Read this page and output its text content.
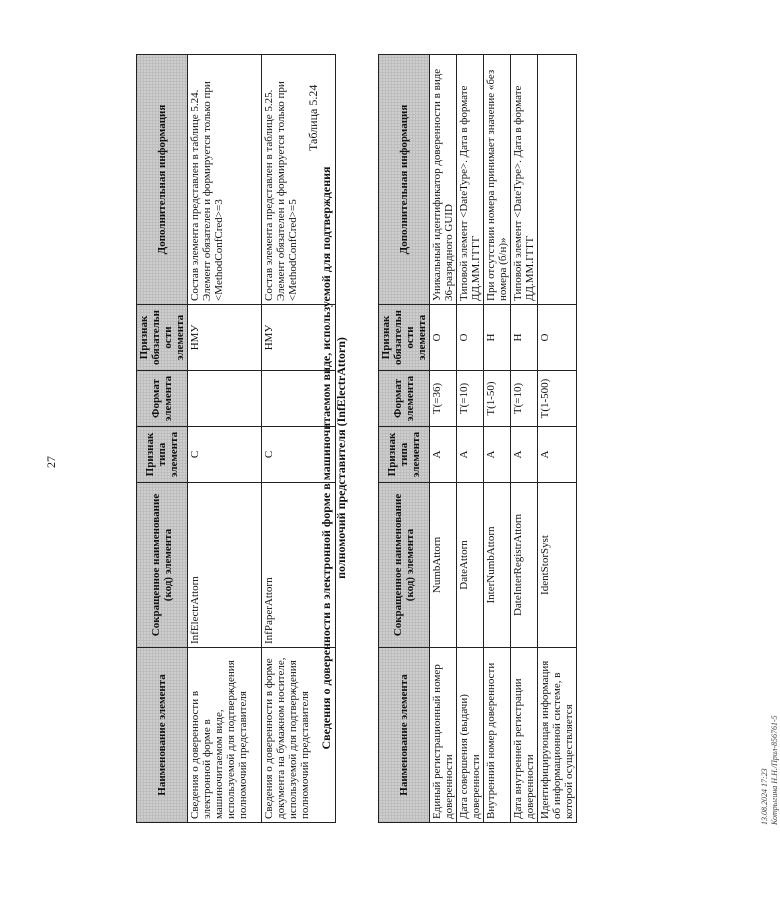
27
Наименование элемента	Сокращенное наименование (код) элемента	Признак типа элемента	Формат элемента	Признак обязательности элемента	Дополнительная информация
Сведения о доверенности в электронной форме в машиночитаемом виде, используемой для подтверждения полномочий представителя	InfElectrAttorn	С		НМУ	Состав элемента представлен в таблице 5.24. Элемент обязателен и формируется только при <MethodConfCred>=3
Сведения о доверенности в форме документа на бумажном носителе, используемой для подтверждения полномочий представителя	InfPaperAttorn	С		НМУ	Состав элемента представлен в таблице 5.25. Элемент обязателен и формируется только при <MethodConfCred>=5
Таблица 5.24
Сведения о доверенности в электронной форме в машиночитаемом виде, используемой для подтверждения полномочий представителя (InfElectrAttorn)
Наименование элемента	Сокращенное наименование (код) элемента	Признак типа элемента	Формат элемента	Признак обязательности элемента	Дополнительная информация
Единый регистрационный номер доверенности	NumbAttorn	А	Т(=36)	О	Уникальный идентификатор доверенности в виде 36-разрядного GUID
Дата совершения (выдачи) доверенности	DateAttorn	А	Т(=10)	О	Типовой элемент <DateType>. Дата в формате ДД.ММ.ГГГГ
Внутренний номер доверенности	InterNumbAttorn	А	Т(1-50)	Н	При отсутствии номера принимает значение «без номера (б/н)»
Дата внутренней регистрации доверенности	DateInterRegistrAttorn	А	Т(=10)	Н	Типовой элемент <DateType>. Дата в формате ДД.ММ.ГГГГ
Идентифицирующая информация об информационной системе, в которой осуществляется	IdentStorSyst	А	Т(1-500)	О	
13.08.2024 17:23 Котрыгина Н.Н./Прил-856761-5
